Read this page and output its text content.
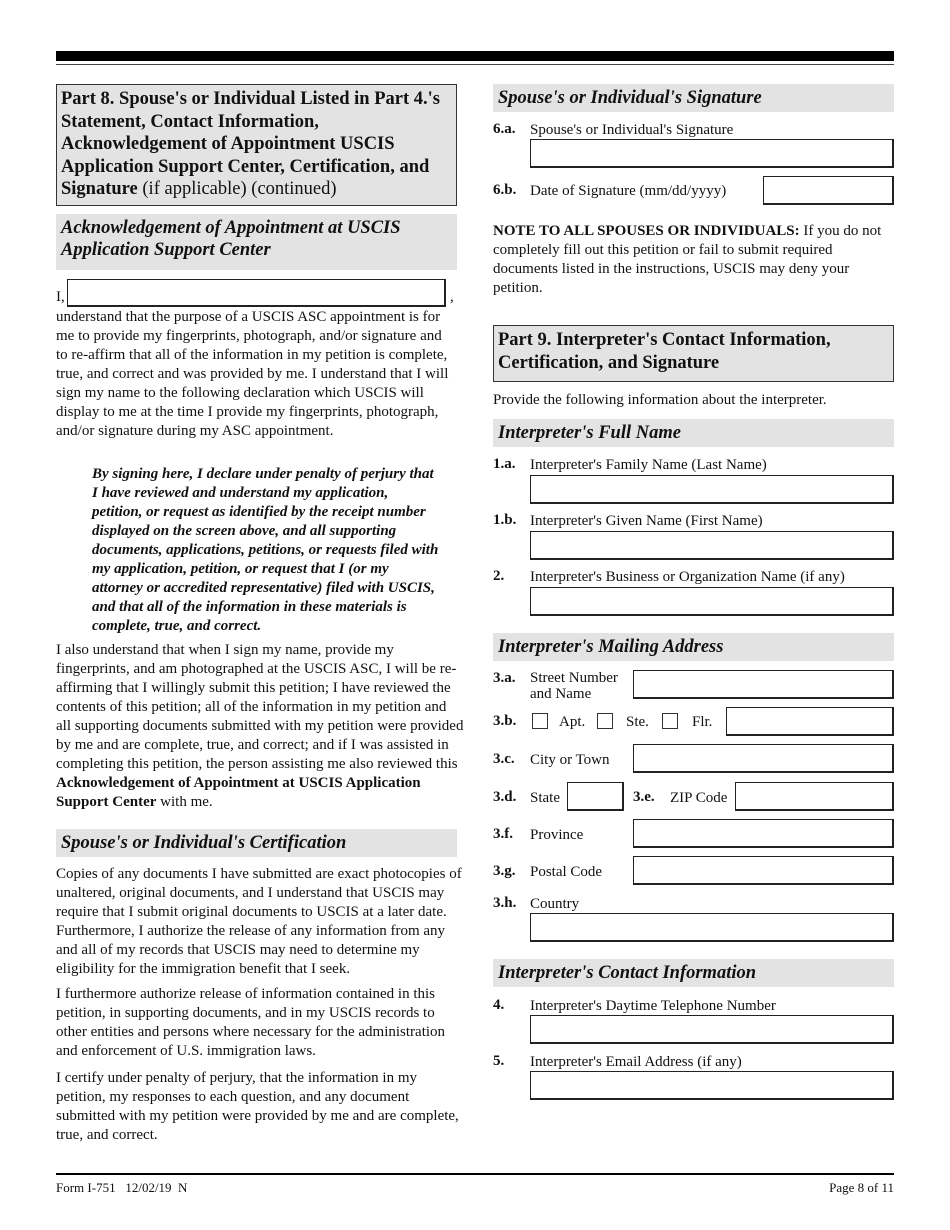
Part 8. Spouse's or Individual Listed in Part 4.'s Statement, Contact Information, Acknowledgement of Appointment USCIS Application Support Center, Certification, and Signature (if applicable) (continued)
Acknowledgement of Appointment at USCIS Application Support Center
I,	,
understand that the purpose of a USCIS ASC appointment is for me to provide my fingerprints, photograph, and/or signature and to re-affirm that all of the information in my petition is complete, true, and correct and was provided by me. I understand that I will sign my name to the following declaration which USCIS will display to me at the time I provide my fingerprints, photograph, and/or signature during my ASC appointment.
By signing here, I declare under penalty of perjury that I have reviewed and understand my application, petition, or request as identified by the receipt number displayed on the screen above, and all supporting documents, applications, petitions, or requests filed with my application, petition, or request that I (or my attorney or accredited representative) filed with USCIS, and that all of the information in these materials is complete, true, and correct.
I also understand that when I sign my name, provide my fingerprints, and am photographed at the USCIS ASC, I will be re-affirming that I willingly submit this petition; I have reviewed the contents of this petition; all of the information in my petition and all supporting documents submitted with my petition were provided by me and are complete, true, and correct; and if I was assisted in completing this petition, the person assisting me also reviewed this Acknowledgement of Appointment at USCIS Application Support Center with me.
Spouse's or Individual's Certification
Copies of any documents I have submitted are exact photocopies of unaltered, original documents, and I understand that USCIS may require that I submit original documents to USCIS at a later date. Furthermore, I authorize the release of any information from any and all of my records that USCIS may need to determine my eligibility for the immigration benefit that I seek.
I furthermore authorize release of information contained in this petition, in supporting documents, and in my USCIS records to other entities and persons where necessary for the administration and enforcement of U.S. immigration laws.
I certify under penalty of perjury, that the information in my petition, my responses to each question, and any document submitted with my petition were provided by me and are complete, true, and correct.
Spouse's or Individual's Signature
6.a. Spouse's or Individual's Signature
6.b. Date of Signature (mm/dd/yyyy)
NOTE TO ALL SPOUSES OR INDIVIDUALS: If you do not completely fill out this petition or fail to submit required documents listed in the instructions, USCIS may deny your petition.
Part 9. Interpreter's Contact Information, Certification, and Signature
Provide the following information about the interpreter.
Interpreter's Full Name
1.a. Interpreter's Family Name (Last Name)
1.b. Interpreter's Given Name (First Name)
2. Interpreter's Business or Organization Name (if any)
Interpreter's Mailing Address
3.a. Street Number
and Name
3.b.	Apt.	Ste.	Flr.
3.c. City or Town
3.d. State	3.e. ZIP Code
3.f. Province
3.g. Postal Code
3.h. Country
Interpreter's Contact Information
4. Interpreter's Daytime Telephone Number
5. Interpreter's Email Address (if any)
Form I-751   12/02/19  N	Page 8 of 11
